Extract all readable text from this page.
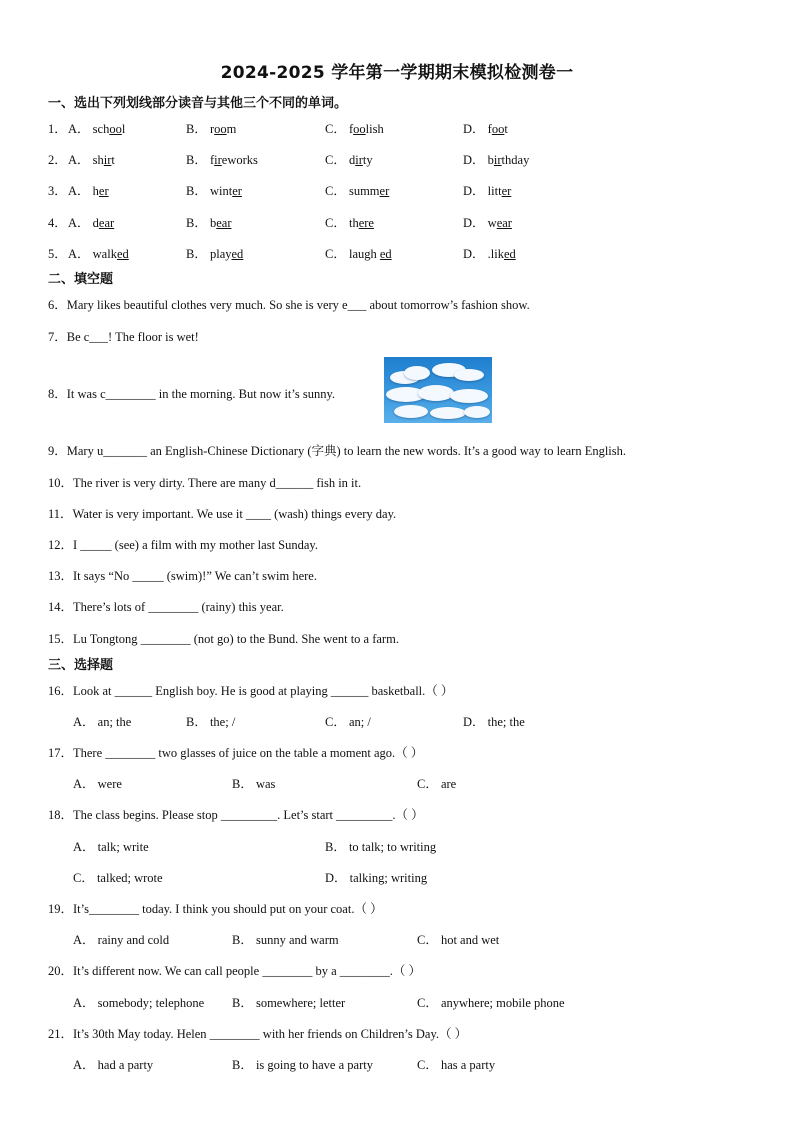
2024-2025 学年第一学期期末模拟检测卷一
一、选出下列划线部分读音与其他三个不同的单词。
1． A． school	B． room	C． foolish	D． foot
2． A． shirt	B． fireworks	C． dirty	D． birthday
3． A． her	B． winter	C． summer	D． litter
4． A． dear	B． bear	C． there	D． wear
5． A． walked	B． played	C． laugh ed	D． .liked
二、填空题
6．Mary likes beautiful clothes very much. So she is very e___ about tomorrow’s fashion show.
7．Be c___! The floor is wet!
8．It was c________ in the morning. But now it’s sunny.
9．Mary u_______ an English-Chinese Dictionary (字典) to learn the new words. It’s a good way to learn English.
10．The river is very dirty. There are many d______ fish in it.
11．Water is very important. We use it ____ (wash) things every day.
12．I _____ (see) a film with my mother last Sunday.
13．It says “No _____ (swim)!” We can’t swim here.
14．There’s lots of ________ (rainy) this year.
15．Lu Tongtong ________ (not go) to the Bund. She went to a farm.
三、选择题
16．Look at ______ English boy. He is good at playing ______ basketball.（ ）
A． an; the	B． the; /	C． an; /	D． the; the
17．There ________ two glasses of juice on the table a moment ago.（ ）
A． were	B． was	C． are
18．The class begins. Please stop _________. Let’s start _________.（ ）
A． talk; write	B． to talk; to writing
C． talked; wrote	D． talking; writing
19．It’s________ today. I think you should put on your coat.（ ）
A． rainy and cold	B． sunny and warm	C． hot and wet
20．It’s different now. We can call people ________ by a ________.（ ）
A． somebody; telephone B． somewhere; letter	C． anywhere; mobile phone
21．It’s 30th May today. Helen ________ with her friends on Children’s Day.（ ）
A． had a party	B． is going to have a party	C． has a party
